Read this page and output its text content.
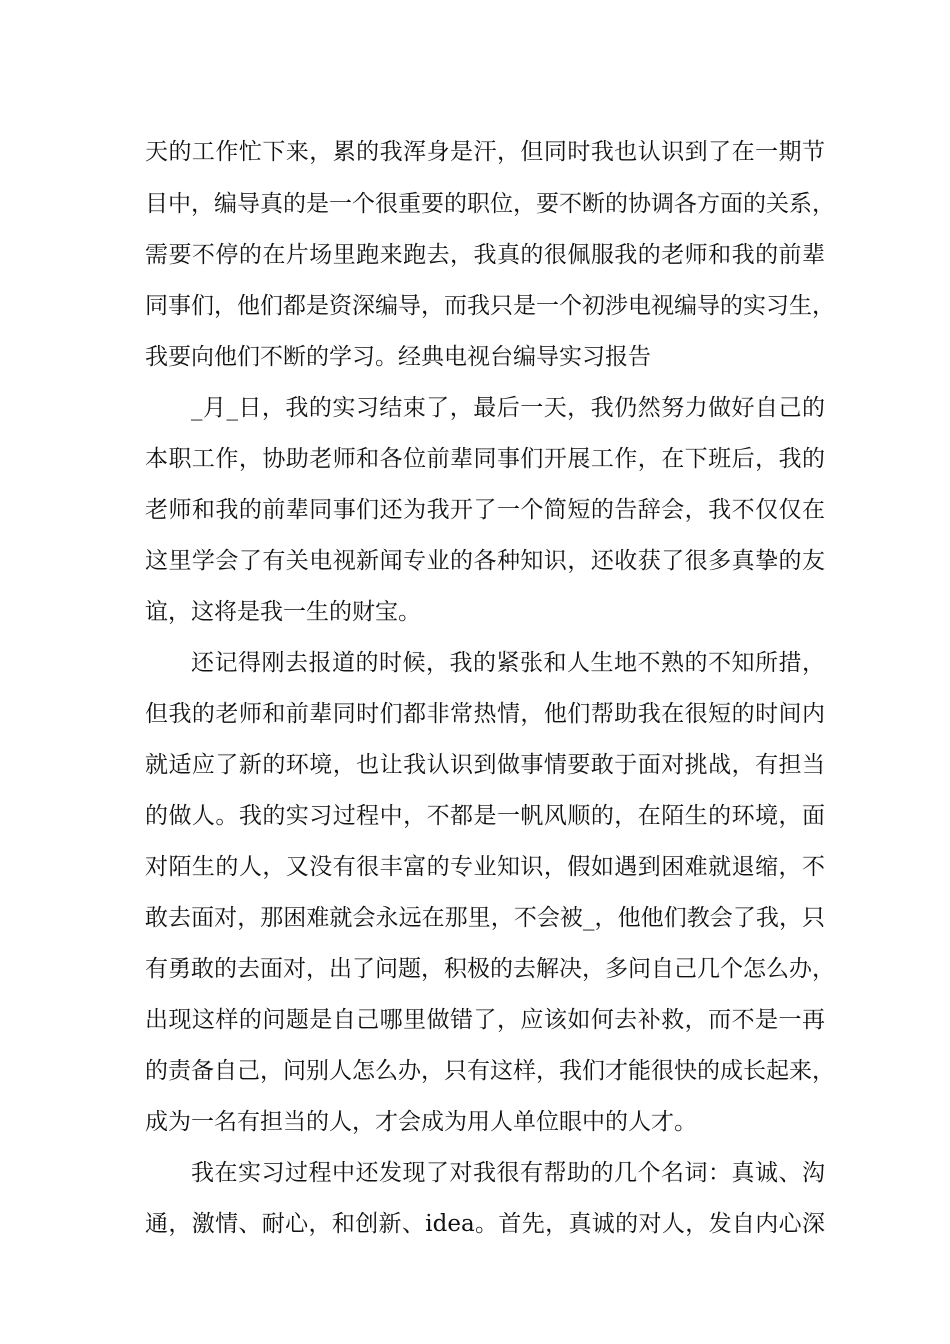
天的工作忙下来，累的我浑身是汗，但同时我也认识到了在一期节
目中，编导真的是一个很重要的职位，要不断的协调各方面的关系，
需要不停的在片场里跑来跑去，我真的很佩服我的老师和我的前辈
同事们，他们都是资深编导，而我只是一个初涉电视编导的实习生，
我要向他们不断的学习。经典电视台编导实习报告
_月_日，我的实习结束了，最后一天，我仍然努力做好自己的
本职工作，协助老师和各位前辈同事们开展工作，在下班后，我的
老师和我的前辈同事们还为我开了一个简短的告辞会，我不仅仅在
这里学会了有关电视新闻专业的各种知识，还收获了很多真挚的友
谊，这将是我一生的财宝。
还记得刚去报道的时候，我的紧张和人生地不熟的不知所措，
但我的老师和前辈同时们都非常热情，他们帮助我在很短的时间内
就适应了新的环境，也让我认识到做事情要敢于面对挑战，有担当
的做人。我的实习过程中，不都是一帆风顺的，在陌生的环境，面
对陌生的人，又没有很丰富的专业知识，假如遇到困难就退缩，不
敢去面对，那困难就会永远在那里，不会被_，他他们教会了我，只
有勇敢的去面对，出了问题，积极的去解决，多问自己几个怎么办，
出现这样的问题是自己哪里做错了，应该如何去补救，而不是一再
的责备自己，问别人怎么办，只有这样，我们才能很快的成长起来，
成为一名有担当的人，才会成为用人单位眼中的人才。
我在实习过程中还发现了对我很有帮助的几个名词：真诚、沟
通，激情、耐心，和创新、idea。首先，真诚的对人，发自内心深
